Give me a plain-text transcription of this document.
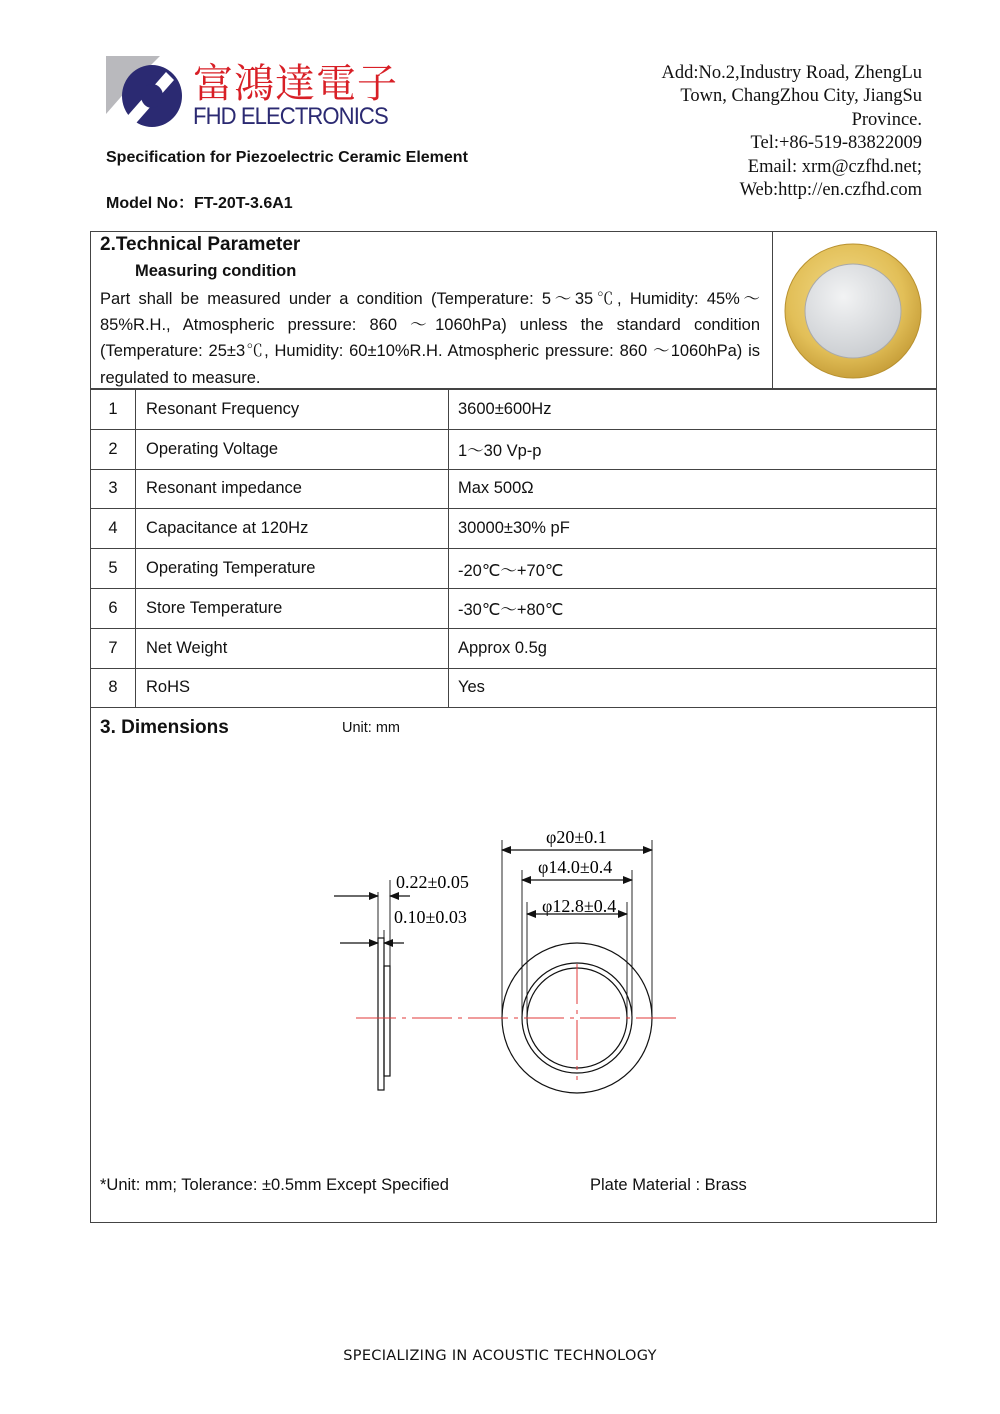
富鴻達電子
FHD ELECTRONICS
Specification for Piezoelectric Ceramic Element
Model No：FT-20T-3.6A1
Add:No.2,Industry Road, ZhengLu
Town, ChangZhou City, JiangSu
Province.
Tel:+86-519-83822009
Email: xrm@czfhd.net;
Web:http://en.czfhd.com
2.Technical Parameter
Measuring condition
Part shall be measured under a condition (Temperature: 5～35℃, Humidity: 45%～85%R.H., Atmospheric pressure: 860 ～1060hPa) unless the standard condition (Temperature: 25±3℃, Humidity: 60±10%R.H. Atmospheric pressure: 860 ～1060hPa) is regulated to measure.
1	Resonant Frequency	3600±600Hz
2	Operating Voltage	1～30 Vp-p
3	Resonant impedance	Max 500Ω
4	Capacitance at 120Hz	30000±30% pF
5	Operating Temperature	-20℃～+70℃
6	Store Temperature	-30℃～+80℃
7	Net Weight	Approx 0.5g
8	RoHS	Yes
3. Dimensions	Unit: mm
0.22±0.05
0.10±0.03
φ20±0.1
φ14.0±0.4
φ12.8±0.4
*Unit: mm; Tolerance: ±0.5mm Except Specified	Plate Material : Brass
SPECIALIZING IN ACOUSTIC TECHNOLOGY
